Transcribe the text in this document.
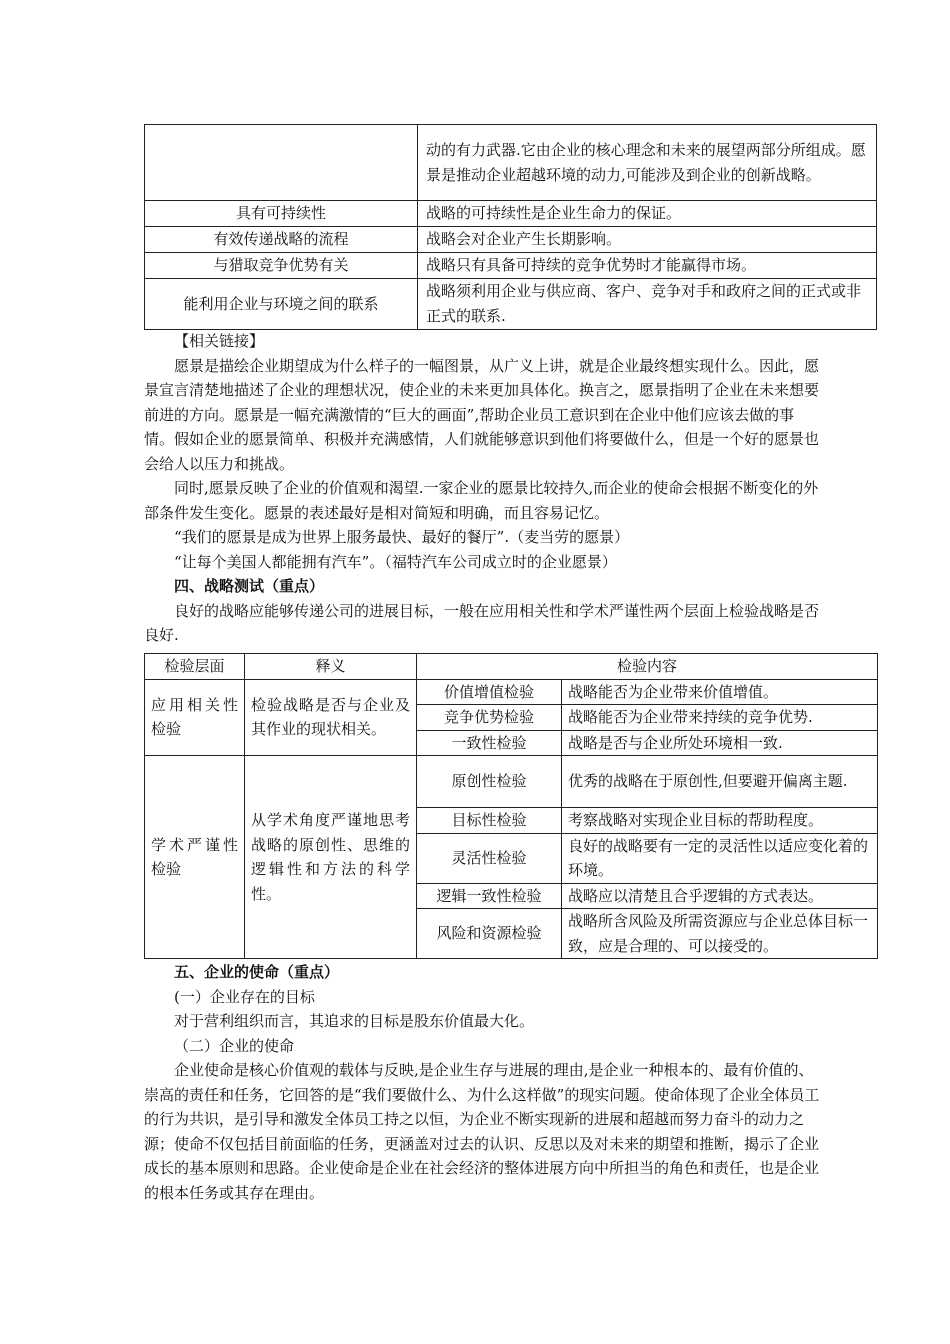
	动的有力武器.它由企业的核心理念和未来的展望两部分所组成。愿景是推动企业超越环境的动力,可能涉及到企业的创新战略。
具有可持续性	战略的可持续性是企业生命力的保证。
有效传递战略的流程	战略会对企业产生长期影响。
与猎取竞争优势有关	战略只有具备可持续的竞争优势时才能赢得市场。
能利用企业与环境之间的联系	战略须利用企业与供应商、客户、竞争对手和政府之间的正式或非正式的联系.

【相关链接】

愿景是描绘企业期望成为什么样子的一幅图景，从广义上讲，就是企业最终想实现什么。因此，愿景宣言清楚地描述了企业的理想状况，使企业的未来更加具体化。换言之，愿景指明了企业在未来想要前进的方向。愿景是一幅充满激情的“巨大的画面”,帮助企业员工意识到在企业中他们应该去做的事情。假如企业的愿景简单、积极并充满感情，人们就能够意识到他们将要做什么，但是一个好的愿景也会给人以压力和挑战。

同时,愿景反映了企业的价值观和渴望.一家企业的愿景比较持久,而企业的使命会根据不断变化的外部条件发生变化。愿景的表述最好是相对简短和明确，而且容易记忆。

“我们的愿景是成为世界上服务最快、最好的餐厅”.（麦当劳的愿景）

“让每个美国人都能拥有汽车”。（福特汽车公司成立时的企业愿景）

四、战略测试（重点）

良好的战略应能够传递公司的进展目标，一般在应用相关性和学术严谨性两个层面上检验战略是否良好.

检验层面	释义	检验内容	
应用相关性检验	检验战略是否与企业及其作业的现状相关。	价值增值检验	战略能否为企业带来价值增值。
		竞争优势检验	战略能否为企业带来持续的竞争优势.
		一致性检验	战略是否与企业所处环境相一致.
学术严谨性检验	从学术角度严谨地思考战略的原创性、思维的逻辑性和方法的科学性。	原创性检验	优秀的战略在于原创性,但要避开偏离主题.
		目标性检验	考察战略对实现企业目标的帮助程度。
		灵活性检验	良好的战略要有一定的灵活性以适应变化着的环境。
		逻辑一致性检验	战略应以清楚且合乎逻辑的方式表达。
		风险和资源检验	战略所含风险及所需资源应与企业总体目标一致，应是合理的、可以接受的。

五、企业的使命（重点）

(一）企业存在的目标

对于营利组织而言，其追求的目标是股东价值最大化。

（二）企业的使命

企业使命是核心价值观的载体与反映,是企业生存与进展的理由,是企业一种根本的、最有价值的、崇高的责任和任务，它回答的是“我们要做什么、为什么这样做”的现实问题。使命体现了企业全体员工的行为共识，是引导和激发全体员工持之以恒，为企业不断实现新的进展和超越而努力奋斗的动力之源；使命不仅包括目前面临的任务，更涵盖对过去的认识、反思以及对未来的期望和推断，揭示了企业成长的基本原则和思路。企业使命是企业在社会经济的整体进展方向中所担当的角色和责任，也是企业的根本任务或其存在理由。
